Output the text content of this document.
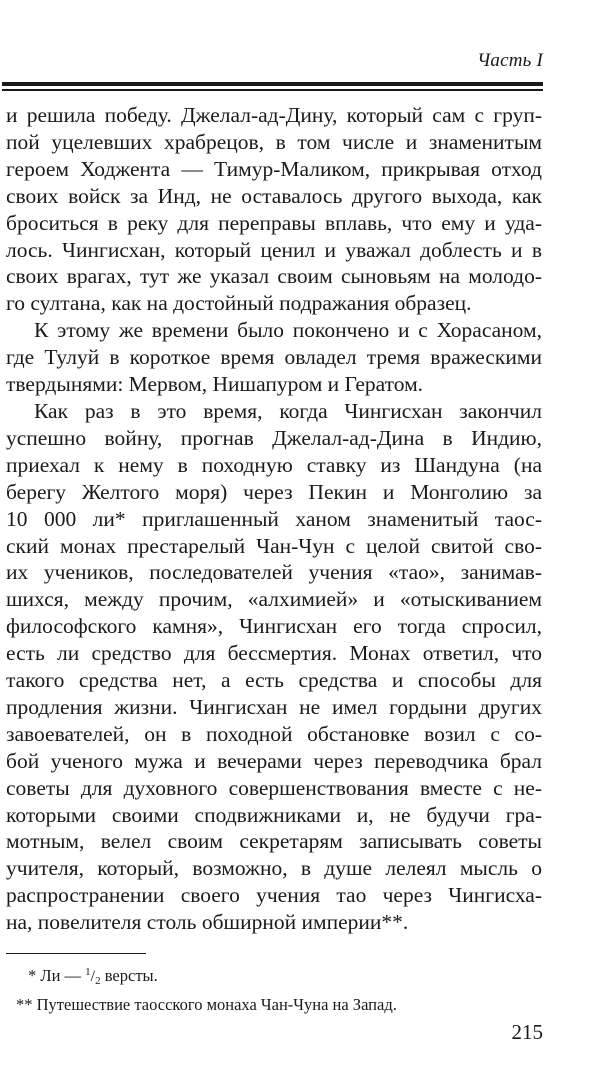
Часть I
и решила победу. Джелал-ад-Дину, который сам с груп-
пой уцелевших храбрецов, в том числе и знаменитым
героем Ходжента — Тимур-Маликом, прикрывая отход
своих войск за Инд, не оставалось другого выхода, как
броситься в реку для переправы вплавь, что ему и уда-
лось. Чингисхан, который ценил и уважал доблесть и в
своих врагах, тут же указал своим сыновьям на молодо-
го султана, как на достойный подражания образец.
К этому же времени было покончено и с Хорасаном,
где Тулуй в короткое время овладел тремя вражескими
твердынями: Мервом, Нишапуром и Гератом.
Как раз в это время, когда Чингисхан закончил
успешно войну, прогнав Джелал-ад-Дина в Индию,
приехал к нему в походную ставку из Шандуна (на
берегу Желтого моря) через Пекин и Монголию за
10 000 ли* приглашенный ханом знаменитый таос-
ский монах престарелый Чан-Чун с целой свитой сво-
их учеников, последователей учения «тао», занимав-
шихся, между прочим, «алхимией» и «отыскиванием
философского камня», Чингисхан его тогда спросил,
есть ли средство для бессмертия. Монах ответил, что
такого средства нет, а есть средства и способы для
продления жизни. Чингисхан не имел гордыни других
завоевателей, он в походной обстановке возил с со-
бой ученого мужа и вечерами через переводчика брал
советы для духовного совершенствования вместе с не-
которыми своими сподвижниками и, не будучи гра-
мотным, велел своим секретарям записывать советы
учителя, который, возможно, в душе лелеял мысль о
распространении своего учения тао через Чингисха-
на, повелителя столь обширной империи**.
* Ли — $^1$/2 версты.
** Путешествие таосского монаха Чан-Чуна на Запад.
215
